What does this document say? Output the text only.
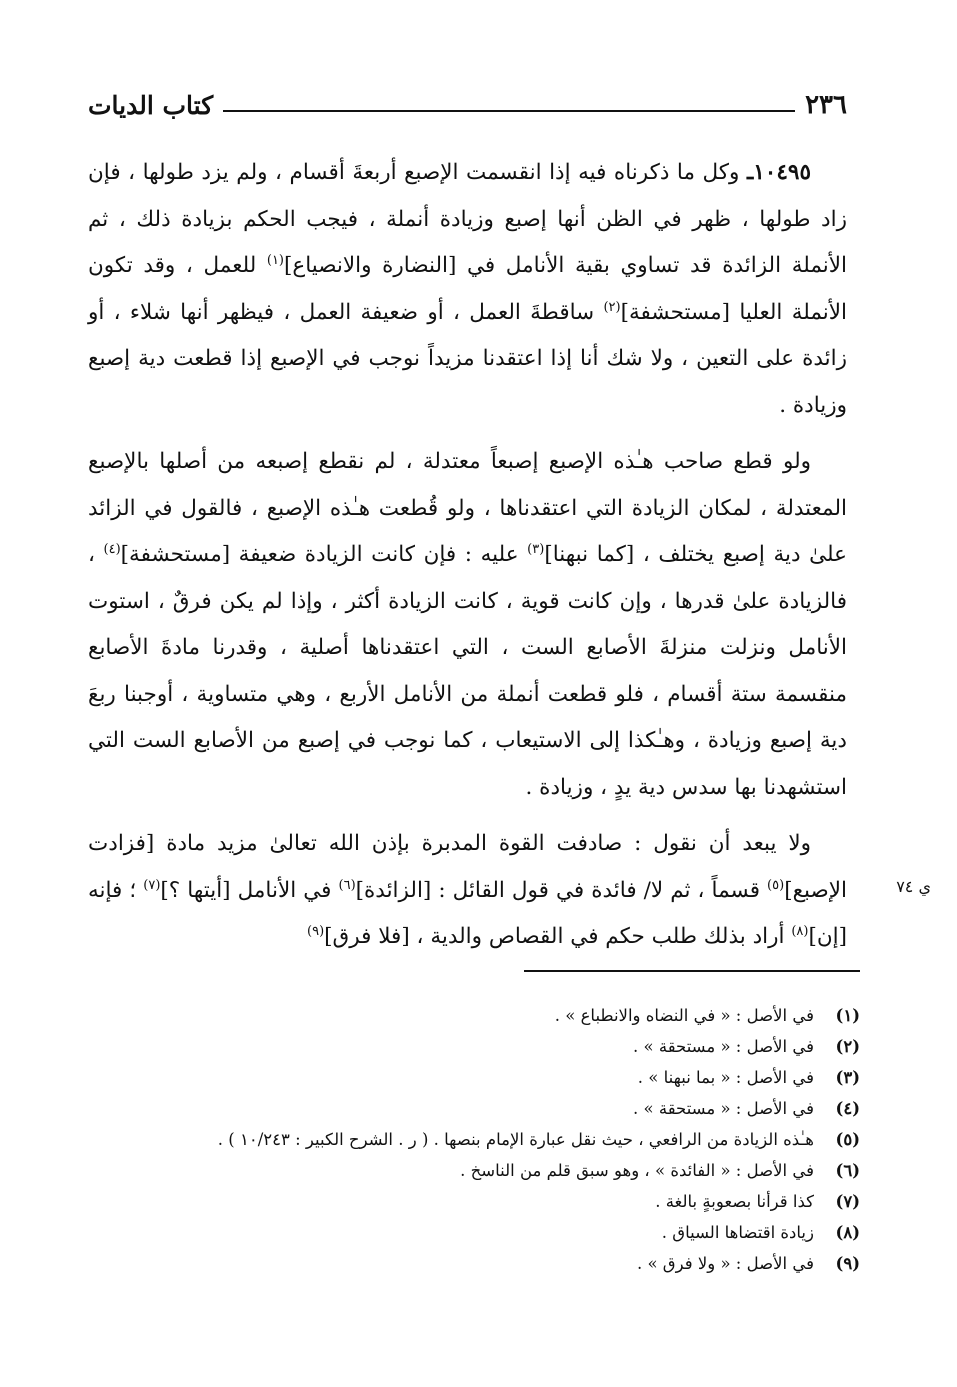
٢٣٦
كتاب الديات

١٠٤٩٥ـ وكل ما ذكرناه فيه إذا انقسمت الإصبع أربعةَ أقسام ، ولم يزد طولها ، فإن زاد طولها ، ظهر في الظن أنها إصبع وزيادة أنملة ، فيجب الحكم بزيادة ذلك ، ثم الأنملة الزائدة قد تساوي بقية الأنامل في [النضارة والانصياع]$^{(١)}$ للعمل ، وقد تكون الأنملة العليا [مستحشفة]$^{(٢)}$ ساقطةَ العمل ، أو ضعيفة العمل ، فيظهر أنها شلاء ، أو زائدة على التعين ، ولا شك أنا إذا اعتقدنا مزيداً نوجب في الإصبع إذا قطعت دية إصبع وزيادة .

ولو قطع صاحب هـٰذه الإصبع إصبعاً معتدلة ، لم نقطع إصبعه من أصلها بالإصبع المعتدلة ، لمكان الزيادة التي اعتقدناها ، ولو قُطعت هـٰذه الإصبع ، فالقول في الزائد علىٰ دية إصبع يختلف ، [كما نبهنا]$^{(٣)}$ عليه : فإن كانت الزيادة ضعيفة [مستحشفة]$^{(٤)}$ ، فالزيادة علىٰ قدرها ، وإن كانت قوية ، كانت الزيادة أكثر ، وإذا لم يكن فرقٌ ، استوت الأنامل ونزلت منزلةَ الأصابع الست ، التي اعتقدناها أصلية ، وقدرنا مادةَ الأصابع منقسمة ستة أقسام ، فلو قطعت أنملة من الأنامل الأربع ، وهي متساوية ، أوجبنا ربعَ دية إصبع وزيادة ، وهـٰكذا إلى الاستيعاب ، كما نوجب في إصبع من الأصابع الست التي استشهدنا بها سدس دية يدٍ ، وزيادة .

ولا يبعد أن نقول : صادفت القوة المدبرة بإذن الله تعالىٰ مزيد مادة [فزادت الإصبع]$^{(٥)}$ قسماً ، ثم لا/ فائدة في قول القائل : [الزائدة]$^{(٦)}$ في الأنامل [أيتها ؟]$^{(٧)}$ ؛ فإنه [إن]$^{(٨)}$ أراد بذلك طلب حكم في القصاص والدية ، [فلا فرق]$^{(٩)}$

ي ٧٤
(١)
في الأصل : « في النضاه والانطباع » .
(٢)
في الأصل : « مستحقة » .
(٣)
في الأصل : « بما نبهنا » .
(٤)
في الأصل : « مستحقة » .
(٥)
هـٰذه الزيادة من الرافعي ، حيث نقل عبارة الإمام بنصها . ( ر . الشرح الكبير : ١٠/٢٤٣ ) .
(٦)
في الأصل : « الفائدة » ، وهو سبق قلم من الناسخ .
(٧)
كذا قرأنا بصعوبةٍ بالغة .
(٨)
زيادة اقتضاها السياق .
(٩)
في الأصل : « ولا فرق » .
